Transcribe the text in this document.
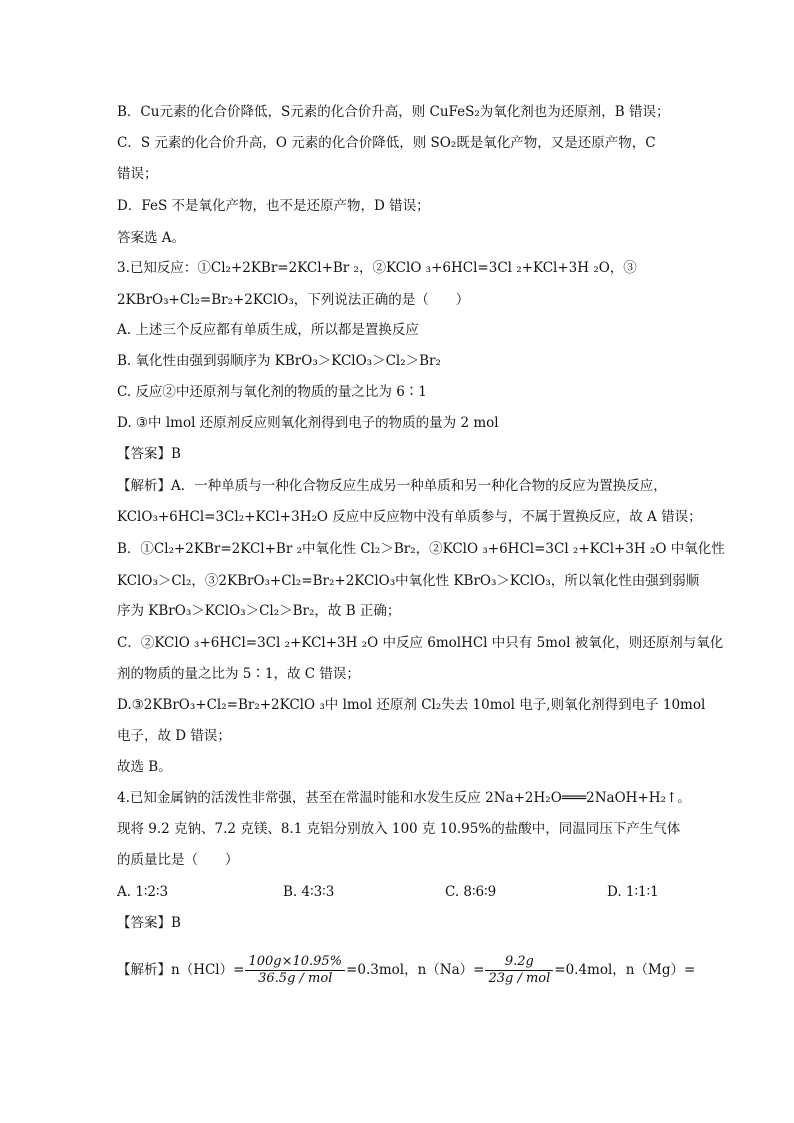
B．Cu元素的化合价降低，S元素的化合价升高，则 CuFeS₂为氧化剂也为还原剂，B 错误；
C．S 元素的化合价升高，O 元素的化合价降低，则 SO₂既是氧化产物，又是还原产物，C
错误；
D．FeS 不是氧化产物，也不是还原产物，D 错误；
答案选 A。
3.已知反应：①Cl₂+2KBr=2KCl+Br ₂，②KClO ₃+6HCl=3Cl ₂+KCl+3H ₂O，③
2KBrO₃+Cl₂=Br₂+2KClO₃，下列说法正确的是（　　）
A. 上述三个反应都有单质生成，所以都是置换反应
B. 氧化性由强到弱顺序为 KBrO₃＞KClO₃＞Cl₂＞Br₂
C. 反应②中还原剂与氧化剂的物质的量之比为 6∶1
D. ③中 lmol 还原剂反应则氧化剂得到电子的物质的量为 2 mol
【答案】B
【解析】A．一种单质与一种化合物反应生成另一种单质和另一种化合物的反应为置换反应，
KClO₃+6HCl=3Cl₂+KCl+3H₂O 反应中反应物中没有单质参与，不属于置换反应，故 A 错误；
B．①Cl₂+2KBr=2KCl+Br ₂中氧化性 Cl₂＞Br₂，②KClO ₃+6HCl=3Cl ₂+KCl+3H ₂O 中氧化性
KClO₃＞Cl₂，③2KBrO₃+Cl₂=Br₂+2KClO₃中氧化性 KBrO₃＞KClO₃，所以氧化性由强到弱顺
序为 KBrO₃＞KClO₃＞Cl₂＞Br₂，故 B 正确；
C．②KClO ₃+6HCl=3Cl ₂+KCl+3H ₂O 中反应 6molHCl 中只有 5mol 被氧化，则还原剂与氧化
剂的物质的量之比为 5∶1，故 C 错误；
D.③2KBrO₃+Cl₂=Br₂+2KClO ₃中 lmol 还原剂 Cl₂失去 10mol 电子,则氧化剂得到电子 10mol
电子，故 D 错误；
故选 B。
4.已知金属钠的活泼性非常强，甚至在常温时能和水发生反应 2Na+2H₂O═══2NaOH+H₂↑。
现将 9.2 克钠、7.2 克镁、8.1 克铝分别放入 100 克 10.95%的盐酸中，同温同压下产生气体
的质量比是（　　）
A. 1∶2∶3	B. 4∶3∶3	C. 8∶6∶9	D. 1∶1∶1
【答案】B
【解析】$n(HCl)= \frac{100g\times 10.95\%}{\text{36.5g / mol}} =0.3mol$，$n(Na)= \frac{9.2g}{\text{23g / mol}} =0.4mol$，n（Mg）=
